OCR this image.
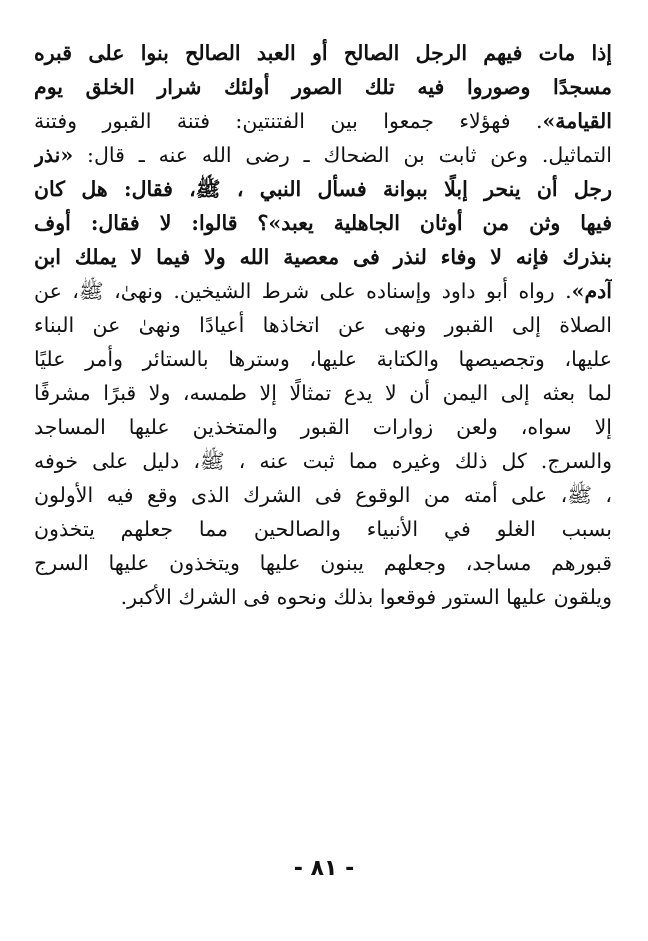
إذا مات فيهم الرجل الصالح أو العبد الصالح بنوا على قبره
مسجدًا وصوروا فيه تلك الصور أولئك شرار الخلق يوم
القيامة». فهؤلاء جمعوا بين الفتنتين: فتنة القبور وفتنة
التماثيل. وعن ثابت بن الضحاك ـ رضى الله عنه ـ قال: «نذر
رجل أن ينحر إبلًا ببوانة فسأل النبي ، ﷺ، فقال: هل كان
فيها وثن من أوثان الجاهلية يعبد»؟ قالوا: لا فقال: أوف
بنذرك فإنه لا وفاء لنذر فى معصية الله ولا فيما لا يملك ابن
آدم». رواه أبو داود وإسناده على شرط الشيخين. ونهىٰ، ﷺ، عن
الصلاة إلى القبور ونهى عن اتخاذها أعيادًا ونهىٰ عن البناء
عليها، وتجصيصها والكتابة عليها، وسترها بالستائر وأمر عليًا
لما بعثه إلى اليمن أن لا يدع تمثالًا إلا طمسه، ولا قبرًا مشرفًا
إلا سواه، ولعن زوارات القبور والمتخذين عليها المساجد
والسرج. كل ذلك وغيره مما ثبت عنه ، ﷺ، دليل على خوفه
، ﷺ، على أمته من الوقوع فى الشرك الذى وقع فيه الأولون
بسبب الغلو في الأنبياء والصالحين مما جعلهم يتخذون
قبورهم مساجد، وجعلهم يبنون عليها ويتخذون عليها السرج
ويلقون عليها الستور فوقعوا بذلك ونحوه فى الشرك الأكبر.
- ٨١ -
